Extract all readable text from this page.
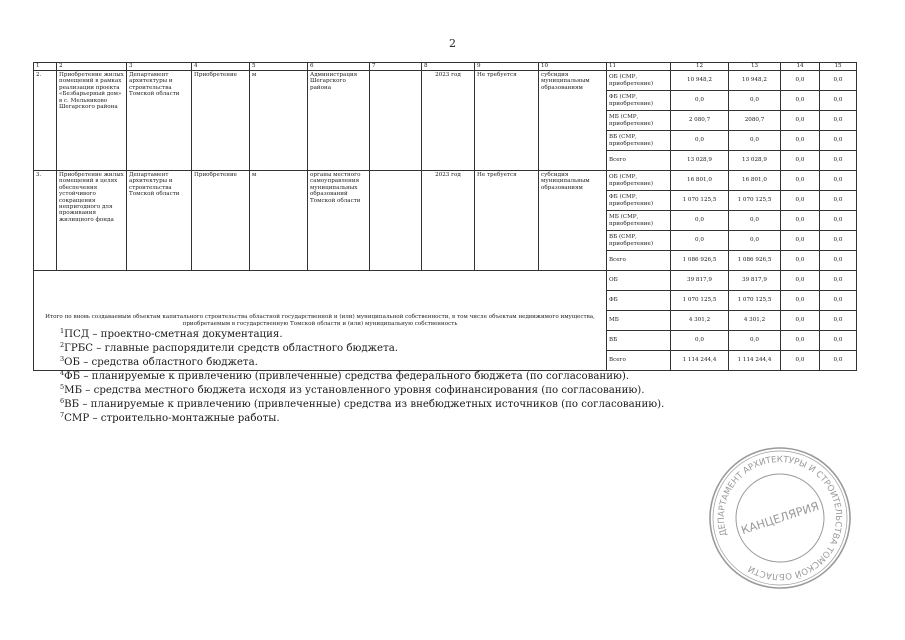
2
1	2	3	4	5	6	7	8	9	10	11	12	13	14	15
2.	Приобретение жилых помещений в рамках реализации проекта «Безбарьерный дом» в с. Мельниково Шегарского района	Департамент архитектуры и строительства Томской области	Приобретение	м	Администрация Шегарского района		2023 год	Не требуется	субсидия муниципальным образованиям	ОБ (СМР, приобретение)	10 948,2	10 948,2	0,0	0,0
										ФБ (СМР, приобретение)	0,0	0,0	0,0	0,0
										МБ (СМР, приобретение)	2 080,7	2080,7	0,0	0,0
										ВБ (СМР, приобретение)	0,0	0,0	0,0	0,0
										Всего	13 028,9	13 028,9	0,0	0,0
3.	Приобретение жилых помещений в целях обеспечения устойчивого сокращения непригодного для проживания жилищного фонда	Департамент архитектуры и строительства Томской области	Приобретение	м	органы местного самоуправления муниципальных образований Томской области		2023 год	Не требуется	субсидия муниципальным образованиям	ОБ (СМР, приобретение)	16 801,0	16 801,0	0,0	0,0
										ФБ (СМР, приобретение)	1 070 125,5	1 070 125,5	0,0	0,0
										МБ (СМР, приобретение)	0,0	0,0	0,0	0,0
										ВБ (СМР, приобретение)	0,0	0,0	0,0	0,0
										Всего	1 086 926,5	1 086 926,5	0,0	0,0
Итого по вновь создаваемым объектам капитального строительства областной государственной и (или) муниципальной собственности, в том числе объектам недвижимого имущества, приобретаемым в государственную Томской области и (или) муниципальную собственность										ОБ	39 817,9	39 817,9	0,0	0,0
										ФБ	1 070 125,5	1 070 125,5	0,0	0,0
										МБ	4 301,2	4 301,2	0,0	0,0
										ВБ	0,0	0,0	0,0	0,0
										Всего	1 114 244,4	1 114 244,4	0,0	0,0
$^1$ПСД – проектно-сметная документация.
$^2$ГРБС – главные распорядители средств областного бюджета.
$^3$ОБ – средства областного бюджета.
$^4$ФБ – планируемые к привлечению (привлеченные) средства федерального бюджета (по согласованию).
$^5$МБ – средства местного бюджета исходя из установленного уровня софинансирования (по согласованию).
$^6$ВБ – планируемые к привлечению (привлеченные) средства из внебюджетных источников (по согласованию).
$^7$СМР – строительно-монтажные работы.
ДЕПАРТАМЕНТ АРХИТЕКТУРЫ И СТРОИТЕЛЬСТВА ТОМСКОЙ ОБЛАСТИ
КАНЦЕЛЯРИЯ
